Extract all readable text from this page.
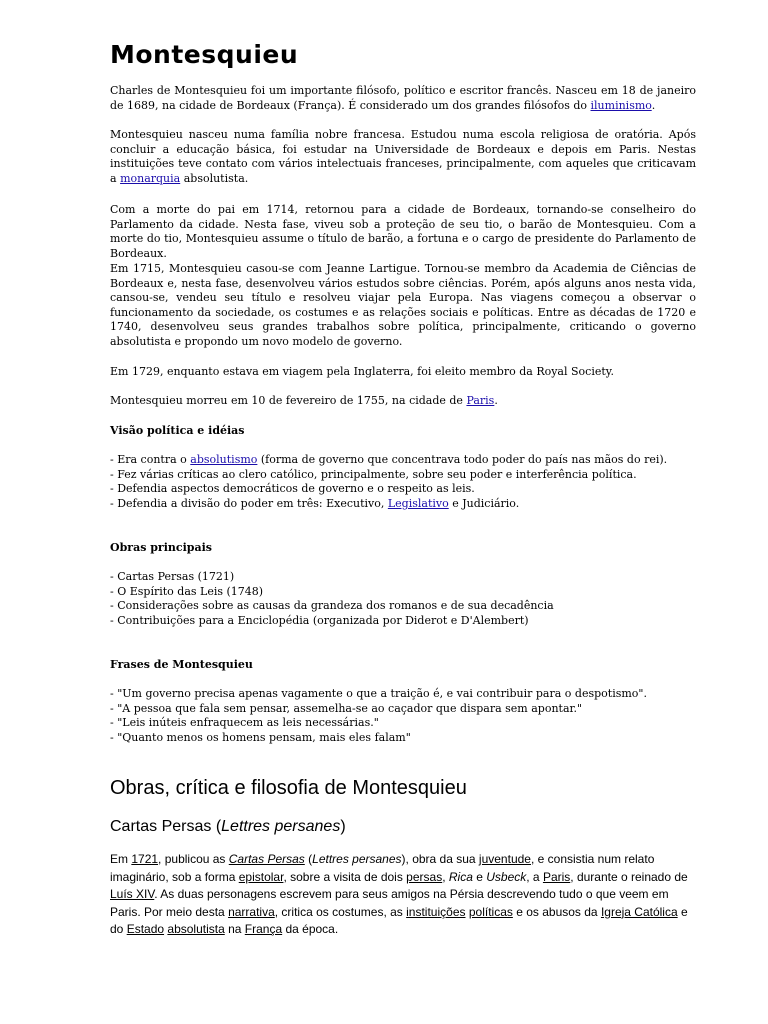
Montesquieu

Charles de Montesquieu foi um importante filósofo, político e escritor francês. Nasceu em 18 de janeiro de 1689, na cidade de Bordeaux (França). É considerado um dos grandes filósofos do iluminismo.

Montesquieu nasceu numa família nobre francesa. Estudou numa escola religiosa de oratória. Após concluir a educação básica, foi estudar na Universidade de Bordeaux e depois em Paris. Nestas instituições teve contato com vários intelectuais franceses, principalmente, com aqueles que criticavam a monarquia absolutista.

Com a morte do pai em 1714, retornou para a cidade de Bordeaux, tornando-se conselheiro do Parlamento da cidade. Nesta fase, viveu sob a proteção de seu tio, o barão de Montesquieu. Com a morte do tio, Montesquieu assume o título de barão, a fortuna e o cargo de presidente do Parlamento de Bordeaux.

Em 1715, Montesquieu casou-se com Jeanne Lartigue. Tornou-se membro da Academia de Ciências de Bordeaux e, nesta fase, desenvolveu vários estudos sobre ciências. Porém, após alguns anos nesta vida, cansou-se, vendeu seu título e resolveu viajar pela Europa. Nas viagens começou a observar o funcionamento da sociedade, os costumes e as relações sociais e políticas. Entre as décadas de 1720 e 1740, desenvolveu seus grandes trabalhos sobre política, principalmente, criticando o governo absolutista e propondo um novo modelo de governo.

Em 1729, enquanto estava em viagem pela Inglaterra, foi eleito membro da Royal Society.

Montesquieu morreu em 10 de fevereiro de 1755, na cidade de Paris.

Visão política e idéias

- Era contra o absolutismo (forma de governo que concentrava todo poder do país nas mãos do rei).
- Fez várias críticas ao clero católico, principalmente, sobre seu poder e interferência política.
- Defendia aspectos democráticos de governo e o respeito as leis.
- Defendia a divisão do poder em três: Executivo, Legislativo e Judiciário.

Obras principais

- Cartas Persas (1721)
- O Espírito das Leis (1748)
- Considerações sobre as causas da grandeza dos romanos e de sua decadência
- Contribuições para a Enciclopédia (organizada por Diderot e D'Alembert)

Frases de Montesquieu

- "Um governo precisa apenas vagamente o que a traição é, e vai contribuir para o despotismo".
- "A pessoa que fala sem pensar, assemelha-se ao caçador que dispara sem apontar."
- "Leis inúteis enfraquecem as leis necessárias."
- "Quanto menos os homens pensam, mais eles falam"
Obras, crítica e filosofia de Montesquieu
Cartas Persas (Lettres persanes)

Em 1721, publicou as Cartas Persas (Lettres persanes), obra da sua juventude, e consistia num relato imaginário, sob a forma epistolar, sobre a visita de dois persas, Rica e Usbeck, a Paris, durante o reinado de Luís XIV. As duas personagens escrevem para seus amigos na Pérsia descrevendo tudo o que veem em Paris. Por meio desta narrativa, critica os costumes, as instituições políticas e os abusos da Igreja Católica e do Estado absolutista na França da época.
